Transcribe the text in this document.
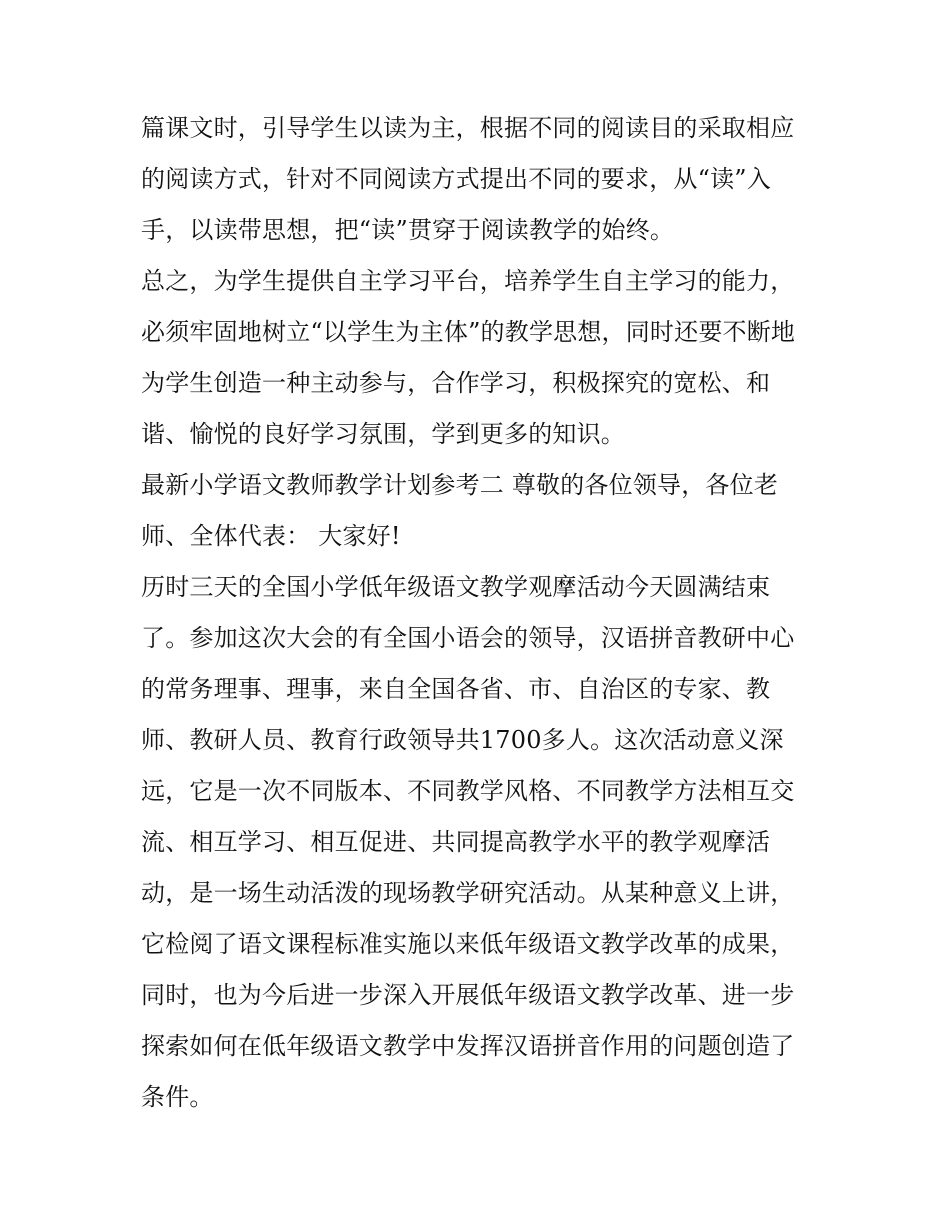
篇课文时，引导学生以读为主，根据不同的阅读目的采取相应
的阅读方式，针对不同阅读方式提出不同的要求，从“读”入
手，以读带思想，把“读”贯穿于阅读教学的始终。
总之，为学生提供自主学习平台，培养学生自主学习的能力，
必须牢固地树立“以学生为主体”的教学思想，同时还要不断地
为学生创造一种主动参与，合作学习，积极探究的宽松、和
谐、愉悦的良好学习氛围，学到更多的知识。
最新小学语文教师教学计划参考二 尊敬的各位领导，各位老
师、全体代表： 大家好!
历时三天的全国小学低年级语文教学观摩活动今天圆满结束
了。参加这次大会的有全国小语会的领导，汉语拼音教研中心
的常务理事、理事，来自全国各省、市、自治区的专家、教
师、教研人员、教育行政领导共1700多人。这次活动意义深
远，它是一次不同版本、不同教学风格、不同教学方法相互交
流、相互学习、相互促进、共同提高教学水平的教学观摩活
动，是一场生动活泼的现场教学研究活动。从某种意义上讲，
它检阅了语文课程标准实施以来低年级语文教学改革的成果，
同时，也为今后进一步深入开展低年级语文教学改革、进一步
探索如何在低年级语文教学中发挥汉语拼音作用的问题创造了
条件。
